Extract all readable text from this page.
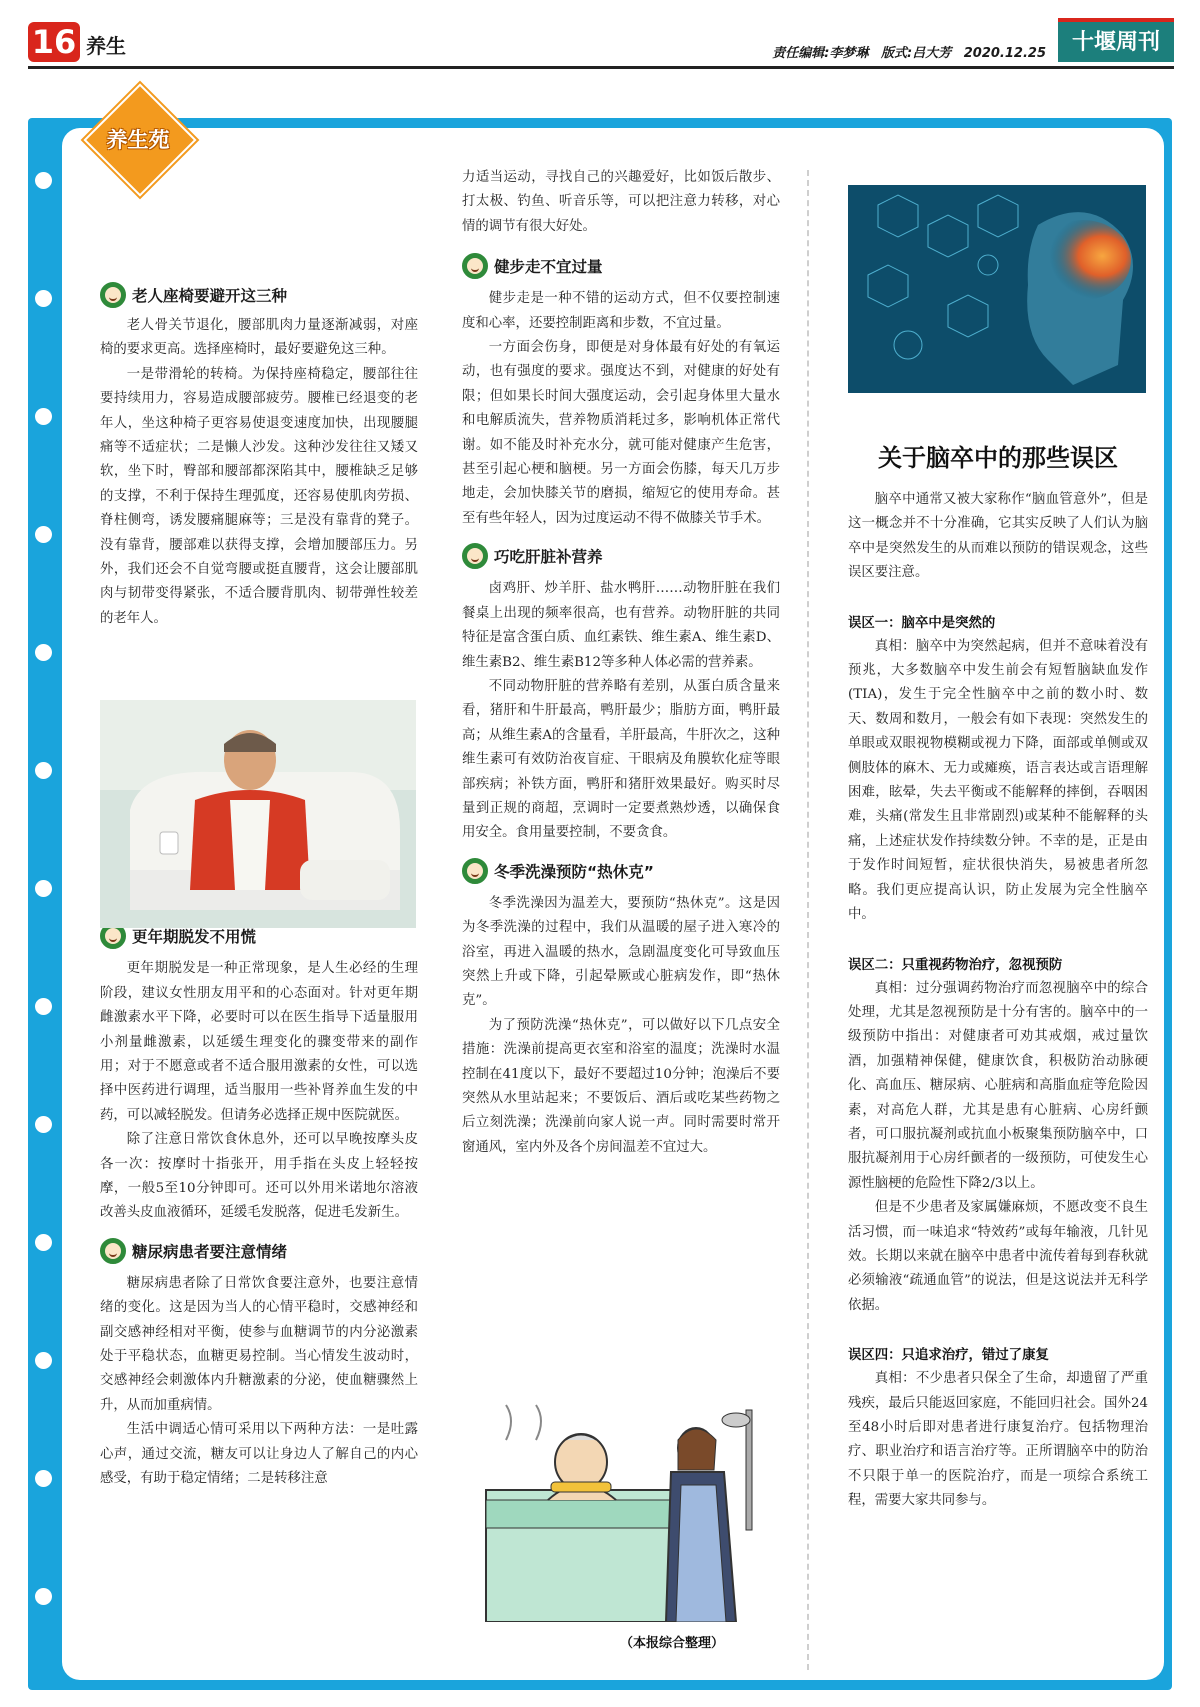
16 养生	责任编辑:李梦琳 版式:吕大芳 2020.12.25	十堰周刊
养生苑
老人座椅要避开这三种

老人骨关节退化，腰部肌肉力量逐渐减弱，对座椅的要求更高。选择座椅时，最好要避免这三种。

一是带滑轮的转椅。为保持座椅稳定，腰部往往要持续用力，容易造成腰部疲劳。腰椎已经退变的老年人，坐这种椅子更容易使退变速度加快，出现腰腿痛等不适症状；二是懒人沙发。这种沙发往往又矮又软，坐下时，臀部和腰部都深陷其中，腰椎缺乏足够的支撑，不利于保持生理弧度，还容易使肌肉劳损、脊柱侧弯，诱发腰痛腿麻等；三是没有靠背的凳子。没有靠背，腰部难以获得支撑，会增加腰部压力。另外，我们还会不自觉弯腰或挺直腰背，这会让腰部肌肉与韧带变得紧张，不适合腰背肌肉、韧带弹性较差的老年人。

更年期脱发不用慌

更年期脱发是一种正常现象，是人生必经的生理阶段，建议女性朋友用平和的心态面对。针对更年期雌激素水平下降，必要时可以在医生指导下适量服用小剂量雌激素，以延缓生理变化的骤变带来的副作用；对于不愿意或者不适合服用激素的女性，可以选择中医药进行调理，适当服用一些补肾养血生发的中药，可以减轻脱发。但请务必选择正规中医院就医。

除了注意日常饮食休息外，还可以早晚按摩头皮各一次：按摩时十指张开，用手指在头皮上轻轻按摩，一般5至10分钟即可。还可以外用米诺地尔溶液改善头皮血液循环，延缓毛发脱落，促进毛发新生。

糖尿病患者要注意情绪

糖尿病患者除了日常饮食要注意外，也要注意情绪的变化。这是因为当人的心情平稳时，交感神经和副交感神经相对平衡，使参与血糖调节的内分泌激素处于平稳状态，血糖更易控制。当心情发生波动时，交感神经会刺激体内升糖激素的分泌，使血糖骤然上升，从而加重病情。

生活中调适心情可采用以下两种方法：一是吐露心声，通过交流，糖友可以让身边人了解自己的内心感受，有助于稳定情绪；二是转移注意

力适当运动，寻找自己的兴趣爱好，比如饭后散步、打太极、钓鱼、听音乐等，可以把注意力转移，对心情的调节有很大好处。

健步走不宜过量

健步走是一种不错的运动方式，但不仅要控制速度和心率，还要控制距离和步数，不宜过量。

一方面会伤身，即便是对身体最有好处的有氧运动，也有强度的要求。强度达不到，对健康的好处有限；但如果长时间大强度运动，会引起身体里大量水和电解质流失，营养物质消耗过多，影响机体正常代谢。如不能及时补充水分，就可能对健康产生危害，甚至引起心梗和脑梗。另一方面会伤膝，每天几万步地走，会加快膝关节的磨损，缩短它的使用寿命。甚至有些年轻人，因为过度运动不得不做膝关节手术。

巧吃肝脏补营养

卤鸡肝、炒羊肝、盐水鸭肝……动物肝脏在我们餐桌上出现的频率很高，也有营养。动物肝脏的共同特征是富含蛋白质、血红素铁、维生素A、维生素D、维生素B2、维生素B12等多种人体必需的营养素。

不同动物肝脏的营养略有差别，从蛋白质含量来看，猪肝和牛肝最高，鸭肝最少；脂肪方面，鸭肝最高；从维生素A的含量看，羊肝最高，牛肝次之，这种维生素可有效防治夜盲症、干眼病及角膜软化症等眼部疾病；补铁方面，鸭肝和猪肝效果最好。购买时尽量到正规的商超，烹调时一定要煮熟炒透，以确保食用安全。食用量要控制，不要贪食。

冬季洗澡预防“热休克”

冬季洗澡因为温差大，要预防“热休克”。这是因为冬季洗澡的过程中，我们从温暖的屋子进入寒冷的浴室，再进入温暖的热水，急剧温度变化可导致血压突然上升或下降，引起晕厥或心脏病发作，即“热休克”。

为了预防洗澡“热休克”，可以做好以下几点安全措施：洗澡前提高更衣室和浴室的温度；洗澡时水温控制在41度以下，最好不要超过10分钟；泡澡后不要突然从水里站起来；不要饭后、酒后或吃某些药物之后立刻洗澡；洗澡前向家人说一声。同时需要时常开窗通风，室内外及各个房间温差不宜过大。

（本报综合整理）
关于脑卒中的那些误区

脑卒中通常又被大家称作“脑血管意外”，但是这一概念并不十分准确，它其实反映了人们认为脑卒中是突然发生的从而难以预防的错误观念，这些误区要注意。

误区一：脑卒中是突然的

真相：脑卒中为突然起病，但并不意味着没有预兆，大多数脑卒中发生前会有短暂脑缺血发作(TIA)，发生于完全性脑卒中之前的数小时、数天、数周和数月，一般会有如下表现：突然发生的单眼或双眼视物模糊或视力下降，面部或单侧或双侧肢体的麻木、无力或瘫痪，语言表达或言语理解困难，眩晕，失去平衡或不能解释的摔倒，吞咽困难，头痛(常发生且非常剧烈)或某种不能解释的头痛，上述症状发作持续数分钟。不幸的是，正是由于发作时间短暂，症状很快消失，易被患者所忽略。我们更应提高认识，防止发展为完全性脑卒中。

误区二：只重视药物治疗，忽视预防

真相：过分强调药物治疗而忽视脑卒中的综合处理，尤其是忽视预防是十分有害的。脑卒中的一级预防中指出：对健康者可劝其戒烟，戒过量饮酒，加强精神保健，健康饮食，积极防治动脉硬化、高血压、糖尿病、心脏病和高脂血症等危险因素，对高危人群，尤其是患有心脏病、心房纤颤者，可口服抗凝剂或抗血小板聚集预防脑卒中，口服抗凝剂用于心房纤颤者的一级预防，可使发生心源性脑梗的危险性下降2/3以上。

但是不少患者及家属嫌麻烦，不愿改变不良生活习惯，而一味追求“特效药”或每年输液，几针见效。长期以来就在脑卒中患者中流传着每到春秋就必须输液“疏通血管”的说法，但是这说法并无科学依据。

误区四：只追求治疗，错过了康复

真相：不少患者只保全了生命，却遗留了严重残疾，最后只能返回家庭，不能回归社会。国外24至48小时后即对患者进行康复治疗。包括物理治疗、职业治疗和语言治疗等。正所谓脑卒中的防治不只限于单一的医院治疗，而是一项综合系统工程，需要大家共同参与。
